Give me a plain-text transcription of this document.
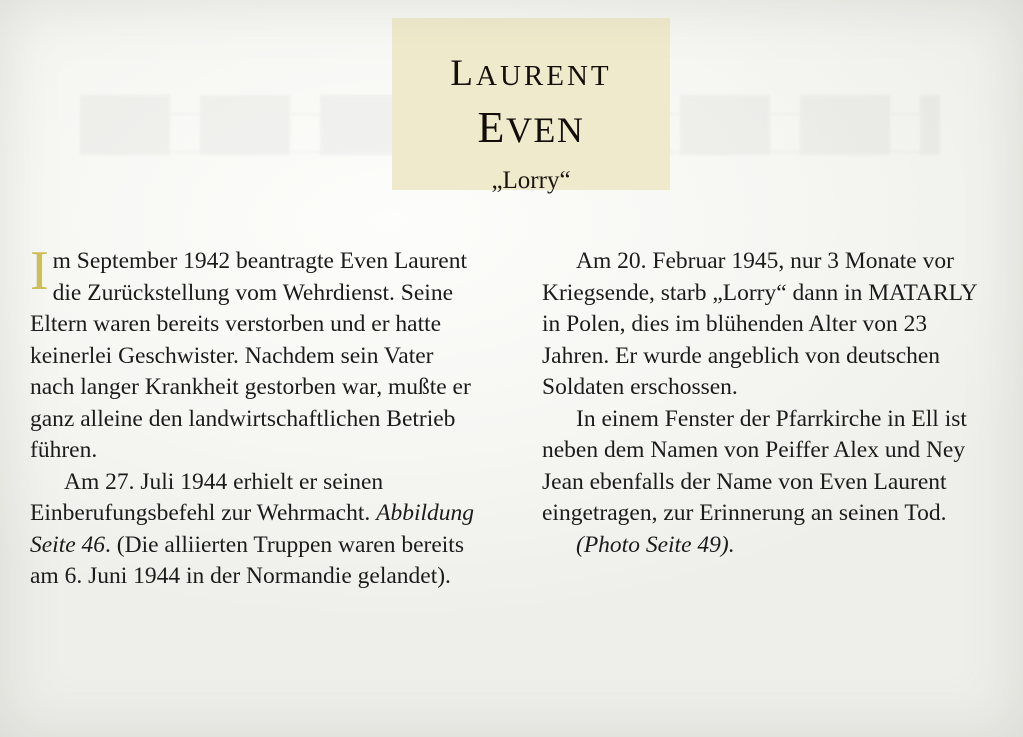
LAURENT
EVEN
„Lorry“

Im September 1942 beantragte Even Laurent die Zurückstellung vom Wehrdienst. Seine Eltern waren bereits verstorben und er hatte keinerlei Geschwister. Nachdem sein Vater nach langer Krankheit gestorben war, mußte er ganz alleine den landwirtschaftlichen Betrieb führen.

Am 27. Juli 1944 erhielt er seinen Einberufungsbefehl zur Wehrmacht. Abbildung Seite 46. (Die alliierten Truppen waren bereits am 6. Juni 1944 in der Normandie gelandet).

Am 20. Februar 1945, nur 3 Monate vor Kriegsende, starb „Lorry“ dann in MATARLY in Polen, dies im blühenden Alter von 23 Jahren. Er wurde angeblich von deutschen Soldaten erschossen.

In einem Fenster der Pfarrkirche in Ell ist neben dem Namen von Peiffer Alex und Ney Jean ebenfalls der Name von Even Laurent eingetragen, zur Erinnerung an seinen Tod.

(Photo Seite 49).
